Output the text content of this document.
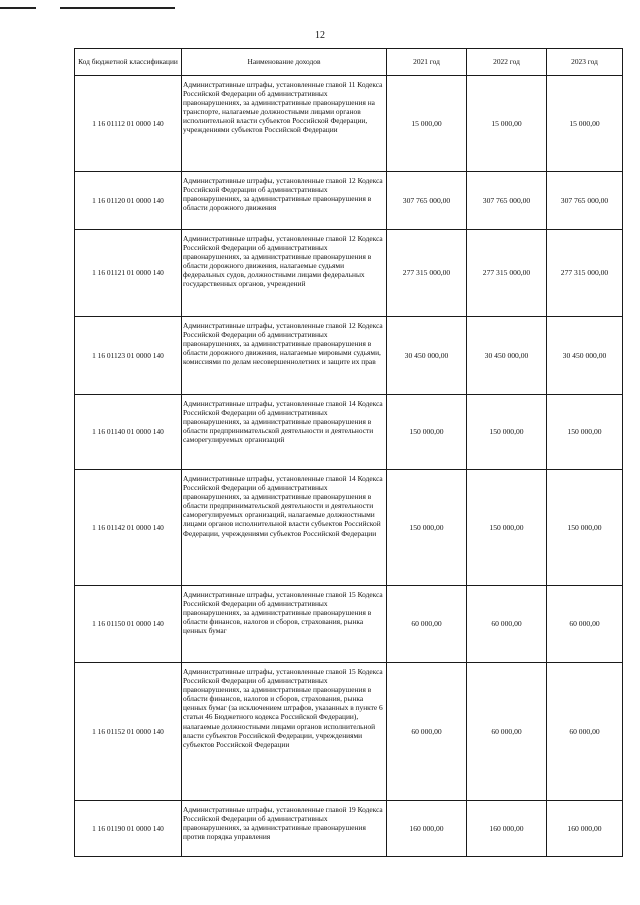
12
Код бюджетной классификации	Наименование доходов	2021 год	2022 год	2023 год
1 16 01112 01 0000 140	Административные штрафы, установленные главой 11 Кодекса Российской Федерации об административных правонарушениях, за административные правонарушения на транспорте, налагаемые должностными лицами органов исполнительной власти субъектов Российской Федерации, учреждениями субъектов Российской Федерации	15 000,00	15 000,00	15 000,00
1 16 01120 01 0000 140	Административные штрафы, установленные главой 12 Кодекса Российской Федерации об административных правонарушениях, за административные правонарушения в области дорожного движения	307 765 000,00	307 765 000,00	307 765 000,00
1 16 01121 01 0000 140	Административные штрафы, установленные главой 12 Кодекса Российской Федерации об административных правонарушениях, за административные правонарушения в области дорожного движения, налагаемые судьями федеральных судов, должностными лицами федеральных государственных органов, учреждений	277 315 000,00	277 315 000,00	277 315 000,00
1 16 01123 01 0000 140	Административные штрафы, установленные главой 12 Кодекса Российской Федерации об административных правонарушениях, за административные правонарушения в области дорожного движения, налагаемые мировыми судьями, комиссиями по делам несовершеннолетних и защите их прав	30 450 000,00	30 450 000,00	30 450 000,00
1 16 01140 01 0000 140	Административные штрафы, установленные главой 14 Кодекса Российской Федерации об административных правонарушениях, за административные правонарушения в области предпринимательской деятельности и деятельности саморегулируемых организаций	150 000,00	150 000,00	150 000,00
1 16 01142 01 0000 140	Административные штрафы, установленные главой 14 Кодекса Российской Федерации об административных правонарушениях, за административные правонарушения в области предпринимательской деятельности и деятельности саморегулируемых организаций, налагаемые должностными лицами органов исполнительной власти субъектов Российской Федерации, учреждениями субъектов Российской Федерации	150 000,00	150 000,00	150 000,00
1 16 01150 01 0000 140	Административные штрафы, установленные главой 15 Кодекса Российской Федерации об административных правонарушениях, за административные правонарушения в области финансов, налогов и сборов, страхования, рынка ценных бумаг	60 000,00	60 000,00	60 000,00
1 16 01152 01 0000 140	Административные штрафы, установленные главой 15 Кодекса Российской Федерации об административных правонарушениях, за административные правонарушения в области финансов, налогов и сборов, страхования, рынка ценных бумаг (за исключением штрафов, указанных в пункте 6 статьи 46 Бюджетного кодекса Российской Федерации), налагаемые должностными лицами органов исполнительной власти субъектов Российской Федерации, учреждениями субъектов Российской Федерации	60 000,00	60 000,00	60 000,00
1 16 01190 01 0000 140	Административные штрафы, установленные главой 19 Кодекса Российской Федерации об административных правонарушениях, за административные правонарушения против порядка управления	160 000,00	160 000,00	160 000,00
